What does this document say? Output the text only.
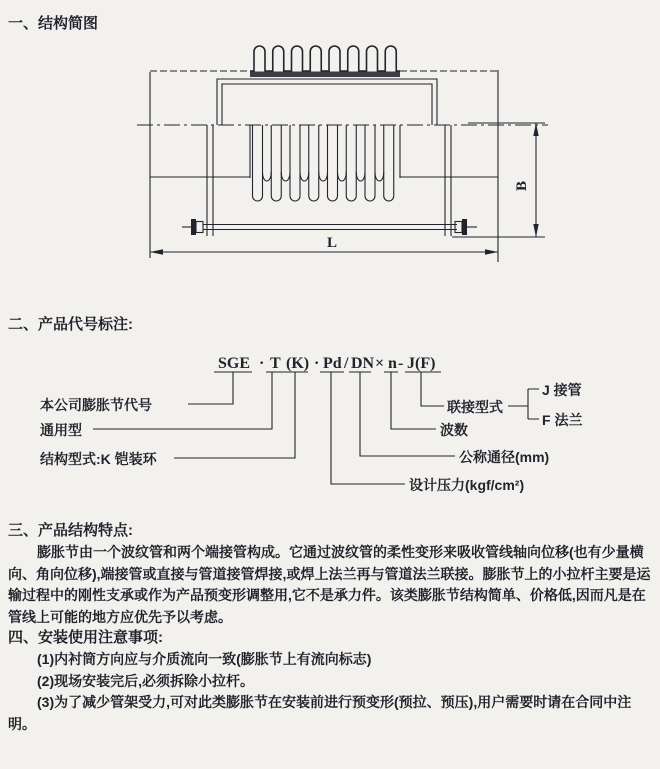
一、结构简图
L
B
二、产品代号标注:
SGE · T (K) · Pd / DN × n - J(F)
本公司膨胀节代号
通用型
结构型式:K 铠装环
联接型式
J 接管
F 法兰
波数
公称通径(mm)
设计压力(kgf/cm²)
三、产品结构特点:
膨胀节由一个波纹管和两个端接管构成。它通过波纹管的柔性变形来吸收管线轴向位移(也有少量横
向、角向位移),端接管或直接与管道接管焊接,或焊上法兰再与管道法兰联接。膨胀节上的小拉杆主要是运
输过程中的刚性支承或作为产品预变形调整用,它不是承力件。该类膨胀节结构简单、价格低,因而凡是在
管线上可能的地方应优先予以考虑。
四、安装使用注意事项:
(1)内衬筒方向应与介质流向一致(膨胀节上有流向标志)
(2)现场安装完后,必须拆除小拉杆。
(3)为了减少管架受力,可对此类膨胀节在安装前进行预变形(预拉、预压),用户需要时请在合同中注
明。
